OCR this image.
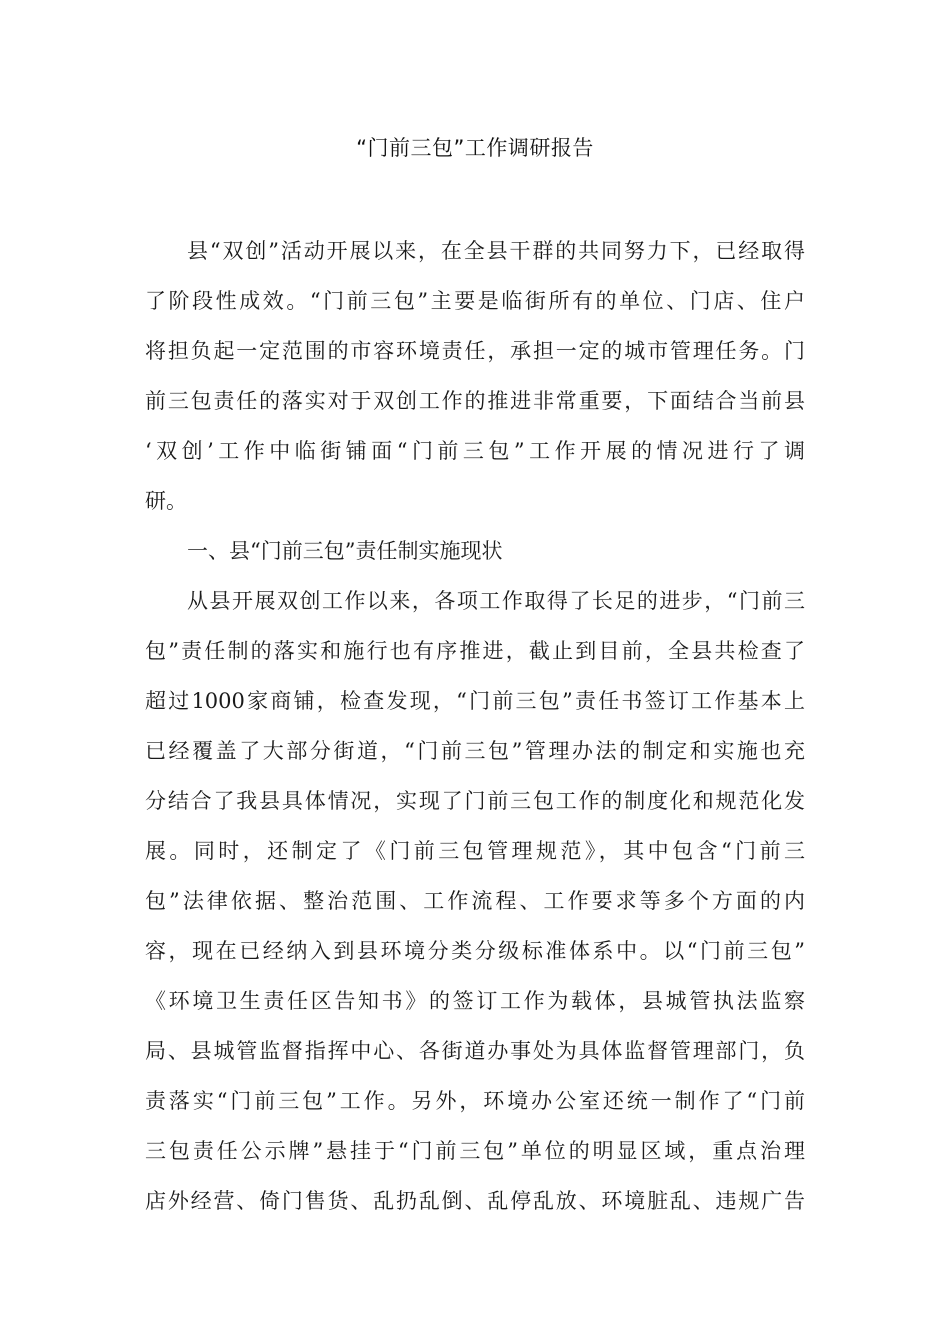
“门前三包”工作调研报告
县“双创”活动开展以来，在全县干群的共同努力下，已经取得
了阶段性成效。“门前三包”主要是临街所有的单位、门店、住户
将担负起一定范围的市容环境责任，承担一定的城市管理任务。门
前三包责任的落实对于双创工作的推进非常重要，下面结合当前县
‘双创’工作中临街铺面“门前三包”工作开展的情况进行了调
研。
一、县“门前三包”责任制实施现状
从县开展双创工作以来，各项工作取得了长足的进步，“门前三
包”责任制的落实和施行也有序推进，截止到目前，全县共检查了
超过1000家商铺，检查发现，“门前三包”责任书签订工作基本上
已经覆盖了大部分街道，“门前三包”管理办法的制定和实施也充
分结合了我县具体情况，实现了门前三包工作的制度化和规范化发
展。同时，还制定了《门前三包管理规范》，其中包含“门前三
包”法律依据、整治范围、工作流程、工作要求等多个方面的内
容，现在已经纳入到县环境分类分级标准体系中。以“门前三包”
《环境卫生责任区告知书》的签订工作为载体，县城管执法监察
局、县城管监督指挥中心、各街道办事处为具体监督管理部门，负
责落实“门前三包”工作。另外，环境办公室还统一制作了“门前
三包责任公示牌”悬挂于“门前三包”单位的明显区域，重点治理
店外经营、倚门售货、乱扔乱倒、乱停乱放、环境脏乱、违规广告
